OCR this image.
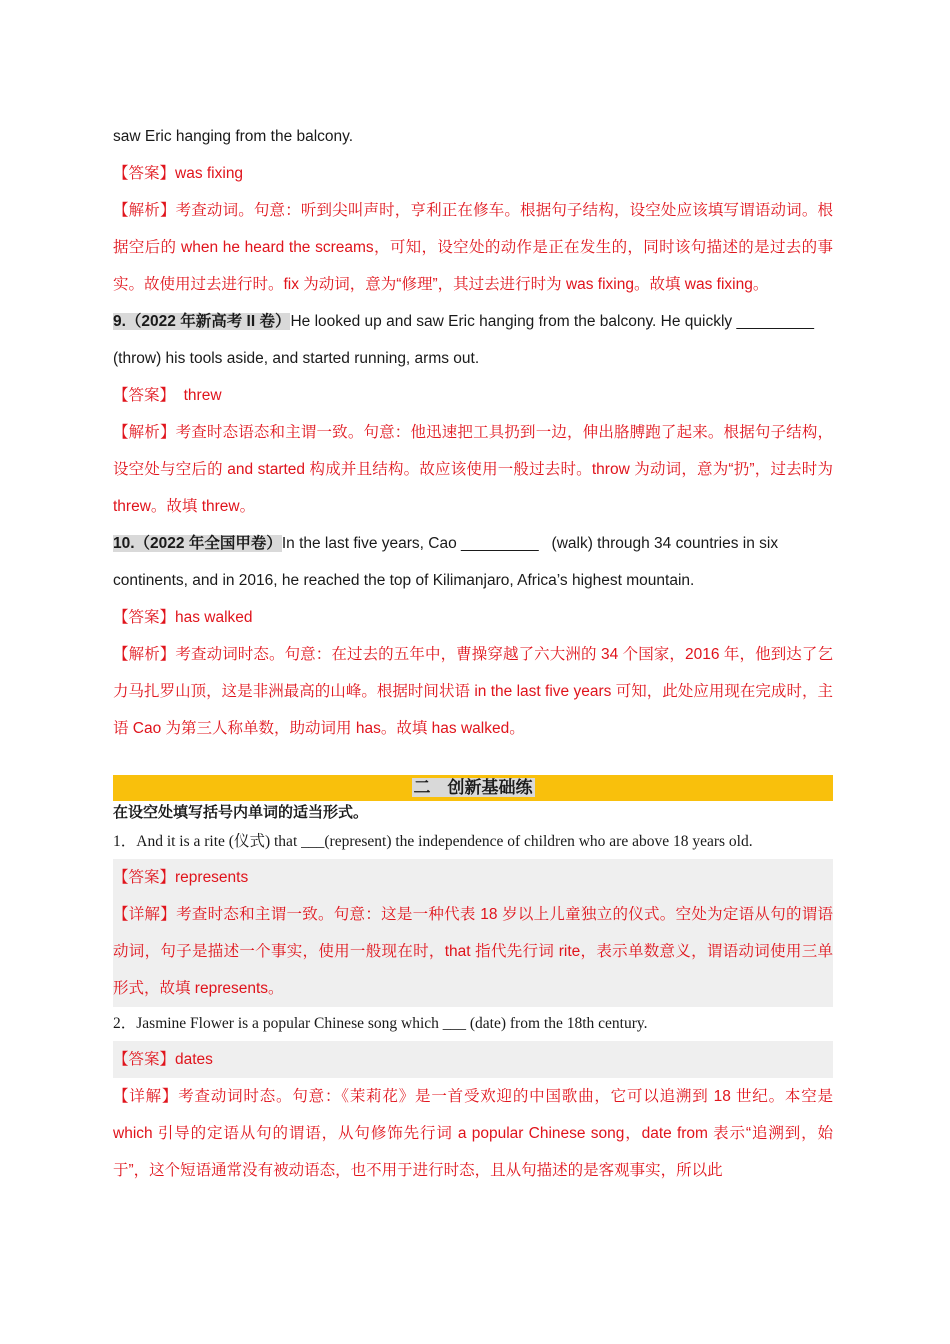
saw Eric hanging from the balcony.
【答案】was fixing
【解析】考查动词。句意：听到尖叫声时，亨利正在修车。根据句子结构，设空处应该填写谓语动词。根据空后的 when he heard the screams，可知，设空处的动作是正在发生的，同时该句描述的是过去的事实。故使用过去进行时。fix 为动词，意为“修理”，其过去进行时为 was fixing。故填 was fixing。
9.（2022 年新高考 II 卷）He looked up and saw Eric hanging from the balcony. He quickly _________
(throw) his tools aside, and started running, arms out.
【答案】  threw
【解析】考查时态语态和主谓一致。句意：他迅速把工具扔到一边，伸出胳膊跑了起来。根据句子结构，设空处与空后的 and started 构成并且结构。故应该使用一般过去时。throw 为动词，意为“扔”，过去时为 threw。故填 threw。
10.（2022 年全国甲卷）In the last five years, Cao _________   (walk) through 34 countries in six
continents, and in 2016, he reached the top of Kilimanjaro, Africa’s highest mountain.
【答案】has walked
【解析】考查动词时态。句意：在过去的五年中，曹操穿越了六大洲的 34 个国家，2016 年，他到达了乞力马扎罗山顶，这是非洲最高的山峰。根据时间状语 in the last five years 可知，此处应用现在完成时，主语 Cao 为第三人称单数，助动词用 has。故填 has walked。
二　创新基础练
在设空处填写括号内单词的适当形式。
1．And it is a rite (仪式) that ___(represent) the independence of children who are above 18 years old.
【答案】represents
【详解】考查时态和主谓一致。句意：这是一种代表 18 岁以上儿童独立的仪式。空处为定语从句的谓语动词，句子是描述一个事实，使用一般现在时，that 指代先行词 rite，表示单数意义，谓语动词使用三单形式，故填 represents。
2．Jasmine Flower is a popular Chinese song which ___ (date) from the 18th century.
【答案】dates
【详解】考查动词时态。句意：《茉莉花》是一首受欢迎的中国歌曲，它可以追溯到 18 世纪。本空是 which 引导的定语从句的谓语，从句修饰先行词 a popular Chinese song，date from 表示“追溯到，始于”，这个短语通常没有被动语态，也不用于进行时态，且从句描述的是客观事实，所以此
